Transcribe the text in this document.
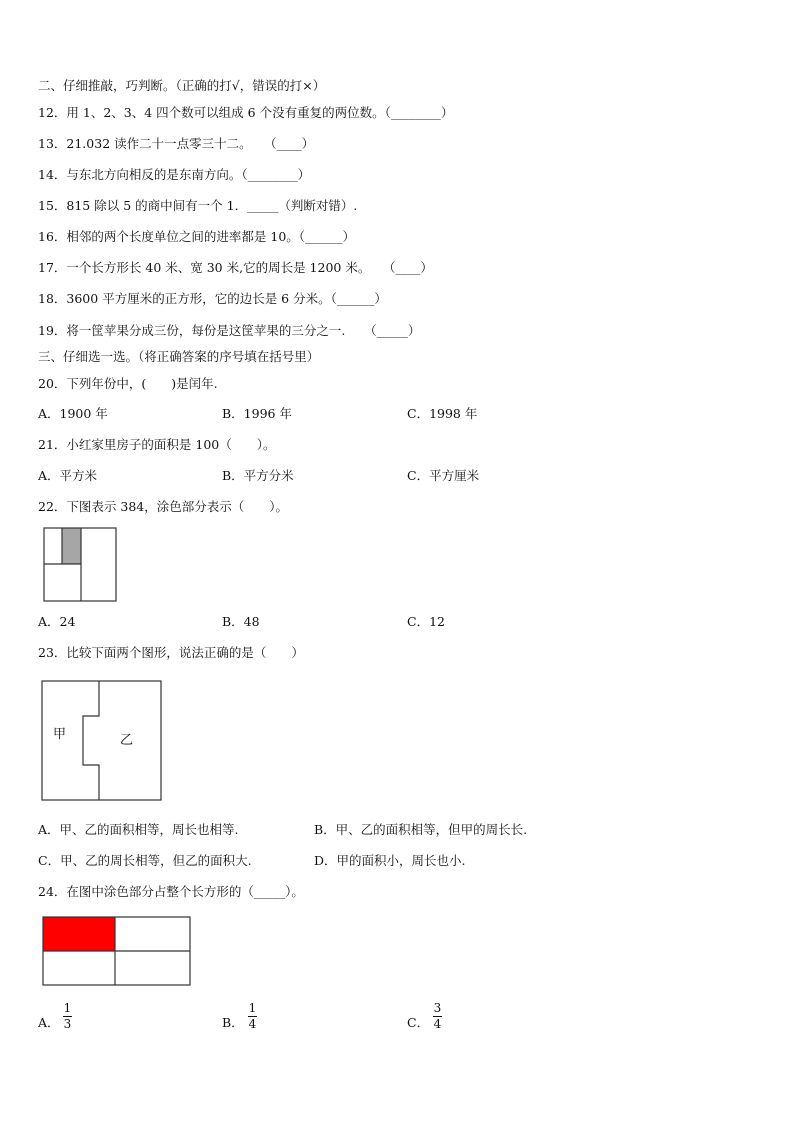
二、仔细推敲，巧判断。（正确的打√，错误的打×）
12．用 1、2、3、4 四个数可以组成 6 个没有重复的两位数。（________）
13．21.032 读作二十一点零三十二。　　（____）
14．与东北方向相反的是东南方向。（________）
15．815 除以 5 的商中间有一个 1．_____（判断对错）.
16．相邻的两个长度单位之间的进率都是 10。（______）
17．一个长方形长 40 米、宽 30 米,它的周长是 1200 米。　　（____）
18．3600 平方厘米的正方形，它的边长是 6 分米。（______）
19．将一筐苹果分成三份，每份是这筐苹果的三分之一.　　（_____）
三、仔细选一选。（将正确答案的序号填在括号里）
20．下列年份中，(　　)是闰年.
A．1900 年	B．1996 年	C．1998 年
21．小红家里房子的面积是 100（　　）。
A．平方米	B．平方分米	C．平方厘米
22．下图表示 384，涂色部分表示（　　）。
A．24	B．48	C．12
23．比较下面两个图形，说法正确的是（　　）
甲	乙
A．甲、乙的面积相等，周长也相等.	B．甲、乙的面积相等，但甲的周长长.
C．甲、乙的周长相等，但乙的面积大.	D．甲的面积小，周长也小.
24．在图中涂色部分占整个长方形的（_____）。
A．
1
3	B．
1
4	C．
3
4
